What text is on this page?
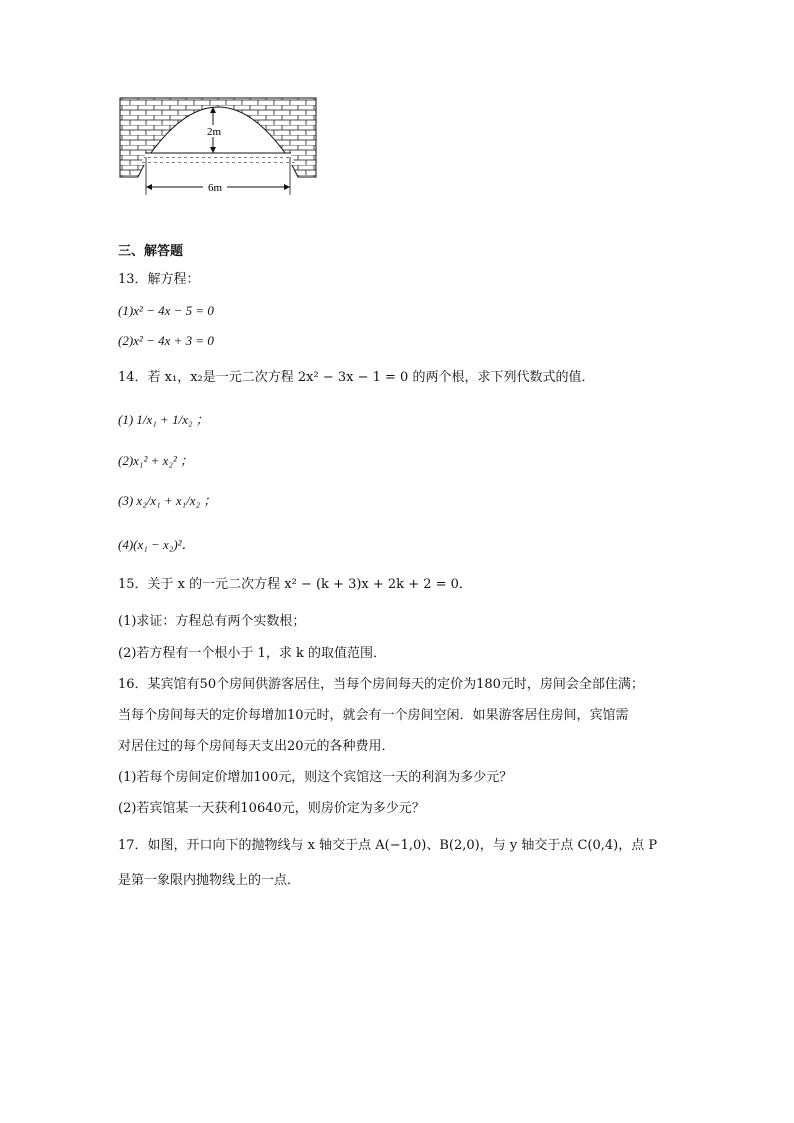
2m
6m
三、解答题
13．解方程：
(1)x² − 4x − 5 = 0
(2)x² − 4x + 3 = 0
14．若 x₁，x₂是一元二次方程 2x² − 3x − 1 = 0 的两个根，求下列代数式的值．
(1) 1/x₁ + 1/x₂ ；
(2)x₁² + x₂² ；
(3) x₂/x₁ + x₁/x₂ ；
(4)(x₁ − x₂)²．
15．关于 x 的一元二次方程 x² − (k + 3)x + 2k + 2 = 0．
(1)求证：方程总有两个实数根；
(2)若方程有一个根小于 1，求 k 的取值范围．
16．某宾馆有50个房间供游客居住，当每个房间每天的定价为180元时，房间会全部住满；
当每个房间每天的定价每增加10元时，就会有一个房间空闲．如果游客居住房间，宾馆需
对居住过的每个房间每天支出20元的各种费用．
(1)若每个房间定价增加100元，则这个宾馆这一天的利润为多少元？
(2)若宾馆某一天获利10640元，则房价定为多少元？
17．如图，开口向下的抛物线与 x 轴交于点 A(−1,0)、B(2,0)，与 y 轴交于点 C(0,4)，点 P
是第一象限内抛物线上的一点．
